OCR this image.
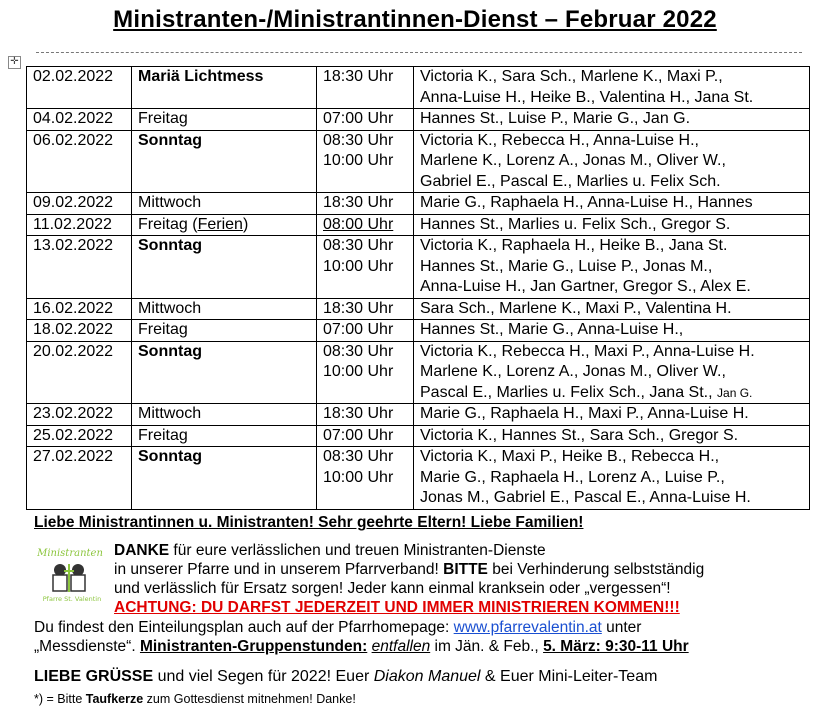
Ministranten-/Ministrantinnen-Dienst – Februar 2022
✛
02.02.2022	Mariä Lichtmess	18:30 Uhr	Victoria K., Sara Sch., Marlene K., Maxi P.,
Anna-Luise H., Heike B., Valentina H., Jana St.

04.02.2022	Freitag	07:00 Uhr	Hannes St., Luise P., Marie G., Jan G.

06.02.2022	Sonntag	08:30 Uhr
10:00 Uhr	Victoria K., Rebecca H., Anna-Luise H.,
Marlene K., Lorenz A., Jonas M., Oliver W.,
Gabriel E., Pascal E., Marlies u. Felix Sch.

09.02.2022	Mittwoch	18:30 Uhr	Marie G., Raphaela H., Anna-Luise H., Hannes

11.02.2022	Freitag (Ferien)	08:00 Uhr	Hannes St., Marlies u. Felix Sch., Gregor S.

13.02.2022	Sonntag	08:30 Uhr
10:00 Uhr	Victoria K., Raphaela H., Heike B., Jana St.
Hannes St., Marie G., Luise P., Jonas M.,
Anna-Luise H., Jan Gartner, Gregor S., Alex E.

16.02.2022	Mittwoch	18:30 Uhr	Sara Sch., Marlene K., Maxi P., Valentina H.

18.02.2022	Freitag	07:00 Uhr	Hannes St., Marie G., Anna-Luise H.,

20.02.2022	Sonntag	08:30 Uhr
10:00 Uhr	Victoria K., Rebecca H., Maxi P., Anna-Luise H.
Marlene K., Lorenz A., Jonas M., Oliver W.,
Pascal E., Marlies u. Felix Sch., Jana St., Jan G.

23.02.2022	Mittwoch	18:30 Uhr	Marie G., Raphaela H., Maxi P., Anna-Luise H.

25.02.2022	Freitag	07:00 Uhr	Victoria K., Hannes St., Sara Sch., Gregor S.

27.02.2022	Sonntag	08:30 Uhr
10:00 Uhr	Victoria K., Maxi P., Heike B., Rebecca H.,
Marie G., Raphaela H., Lorenz A., Luise P.,
Jonas M., Gabriel E., Pascal E., Anna-Luise H.
Liebe Ministrantinnen u. Ministranten! Sehr geehrte Eltern! Liebe Familien!
Ministranten
Pfarre St. Valentin
DANKE für eure verlässlichen und treuen Ministranten-Dienste
in unserer Pfarre und in unserem Pfarrverband! BITTE bei Verhinderung selbstständig
und verlässlich für Ersatz sorgen! Jeder kann einmal kranksein oder „vergessen“!
ACHTUNG: DU DARFST JEDERZEIT UND IMMER MINISTRIEREN KOMMEN!!!
Du findest den Einteilungsplan auch auf der Pfarrhomepage: www.pfarrevalentin.at unter
„Messdienste“. Ministranten-Gruppenstunden: entfallen im Jän. & Feb., 5. März: 9:30-11 Uhr
LIEBE GRÜSSE und viel Segen für 2022! Euer Diakon Manuel & Euer Mini-Leiter-Team
*) = Bitte Taufkerze zum Gottesdienst mitnehmen! Danke!
